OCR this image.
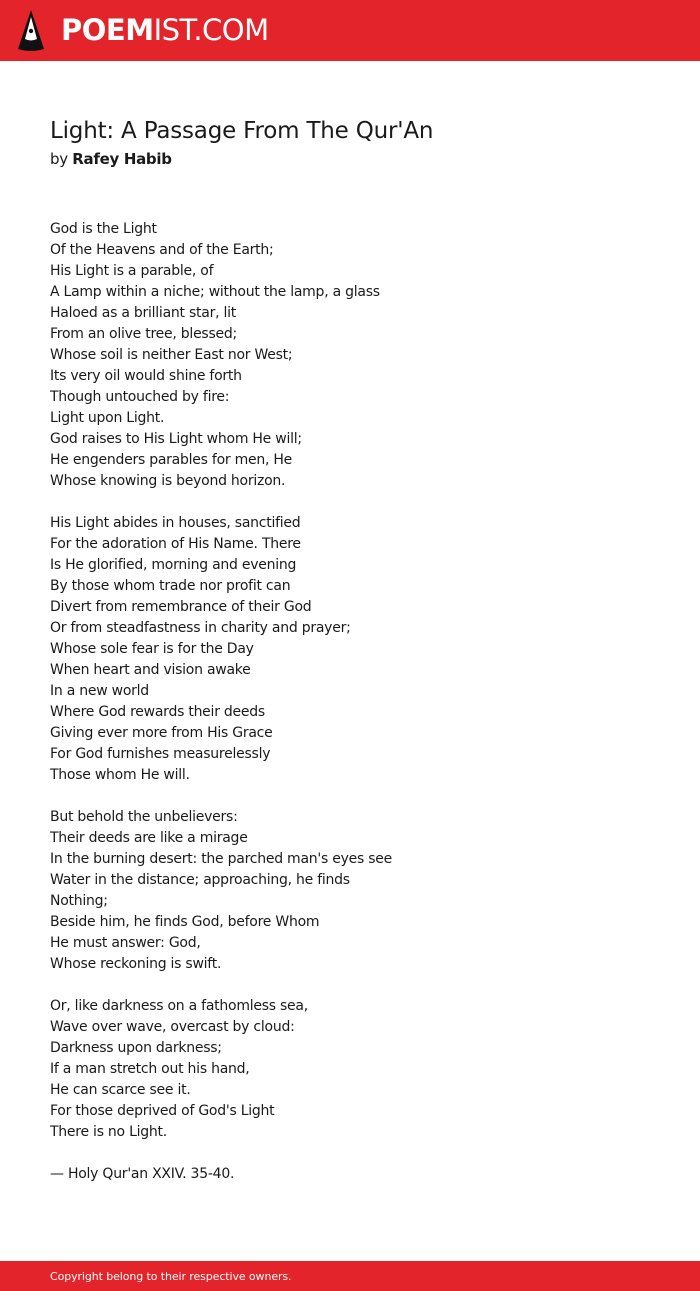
POEMIST.COM
Light: A Passage From The Qur'An
by Rafey Habib
God is the Light
Of the Heavens and of the Earth;
His Light is a parable, of
A Lamp within a niche; without the lamp, a glass
Haloed as a brilliant star, lit
From an olive tree, blessed;
Whose soil is neither East nor West;
Its very oil would shine forth
Though untouched by fire:
Light upon Light.
God raises to His Light whom He will;
He engenders parables for men, He
Whose knowing is beyond horizon.
His Light abides in houses, sanctified
For the adoration of His Name. There
Is He glorified, morning and evening
By those whom trade nor profit can
Divert from remembrance of their God
Or from steadfastness in charity and prayer;
Whose sole fear is for the Day
When heart and vision awake
In a new world
Where God rewards their deeds
Giving ever more from His Grace
For God furnishes measurelessly
Those whom He will.
But behold the unbelievers:
Their deeds are like a mirage
In the burning desert: the parched man's eyes see
Water in the distance; approaching, he finds
Nothing;
Beside him, he finds God, before Whom
He must answer: God,
Whose reckoning is swift.
Or, like darkness on a fathomless sea,
Wave over wave, overcast by cloud:
Darkness upon darkness;
If a man stretch out his hand,
He can scarce see it.
For those deprived of God's Light
There is no Light.
— Holy Qur'an XXIV. 35-40.
Copyright belong to their respective owners.
